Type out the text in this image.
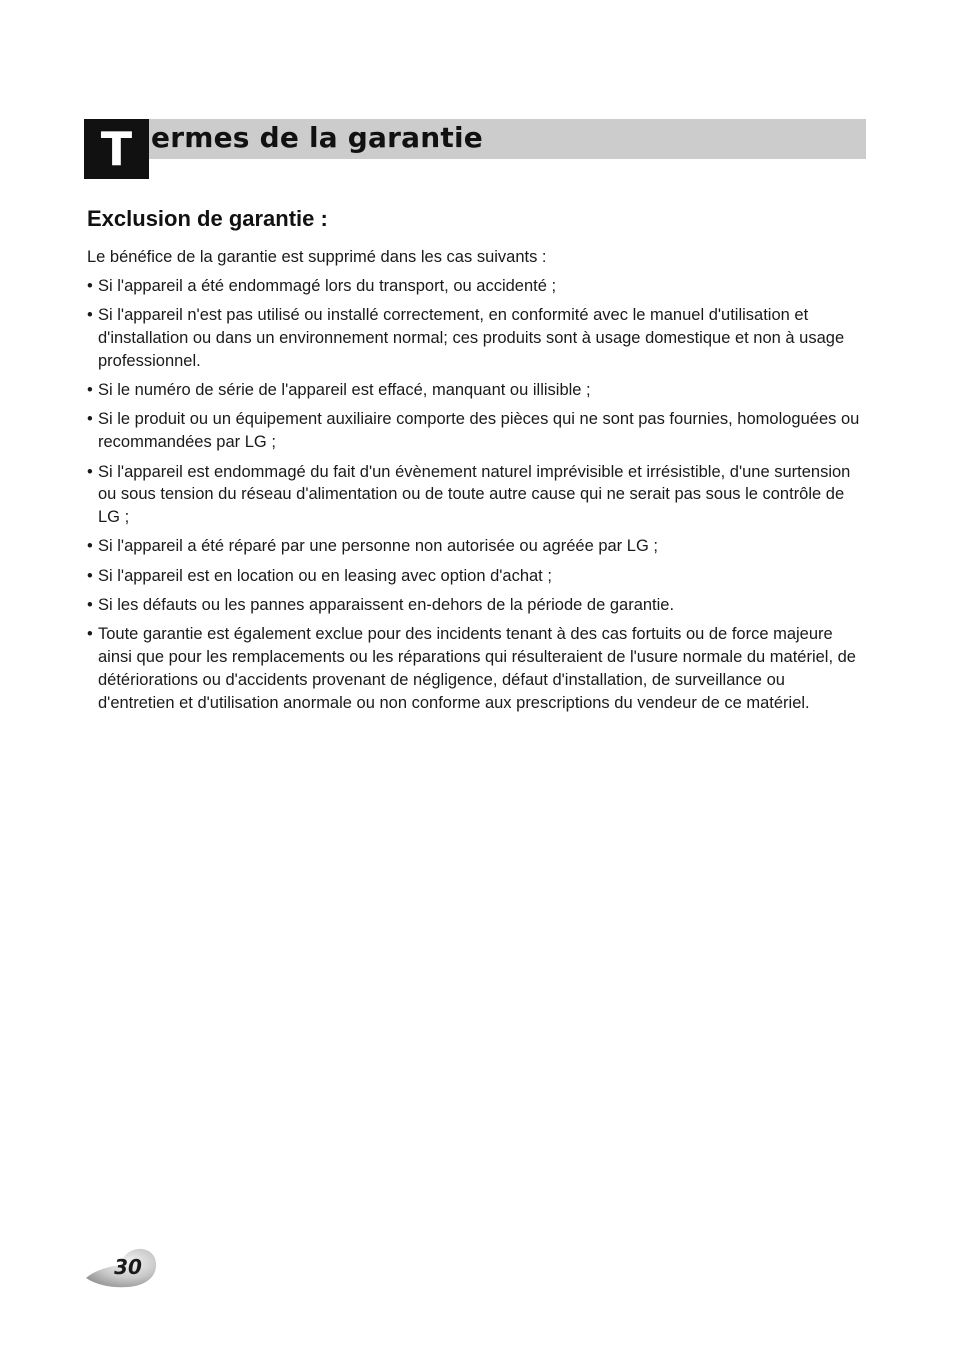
T ermes de la garantie
Exclusion de garantie :

Le bénéfice de la garantie est supprimé dans les cas suivants :

• Si l'appareil a été endommagé lors du transport, ou accidenté ;
• Si l'appareil n'est pas utilisé ou installé correctement, en conformité avec le manuel d'utilisation et d'installation ou dans un environnement normal; ces produits sont à usage domestique et non à usage professionnel.
• Si le numéro de série de l'appareil est effacé, manquant ou illisible ;
• Si le produit ou un équipement auxiliaire comporte des pièces qui ne sont pas fournies, homologuées ou recommandées par LG ;
• Si l'appareil est endommagé du fait d'un évènement naturel imprévisible et irrésistible, d'une surtension ou sous tension du réseau d'alimentation ou de toute autre cause qui ne serait pas sous le contrôle de LG ;
• Si l'appareil a été réparé par une personne non autorisée ou agréée par LG ;
• Si l'appareil est en location ou en leasing avec option d'achat ;
• Si les défauts ou les pannes apparaissent en-dehors de la période de garantie.
• Toute garantie est également exclue pour des incidents tenant à des cas fortuits ou de force majeure ainsi que pour les remplacements ou les réparations qui résulteraient de l'usure normale du matériel, de détériorations ou d'accidents provenant de négligence, défaut d'installation, de surveillance ou d'entretien et d'utilisation anormale ou non conforme aux prescriptions du vendeur de ce matériel.
30
